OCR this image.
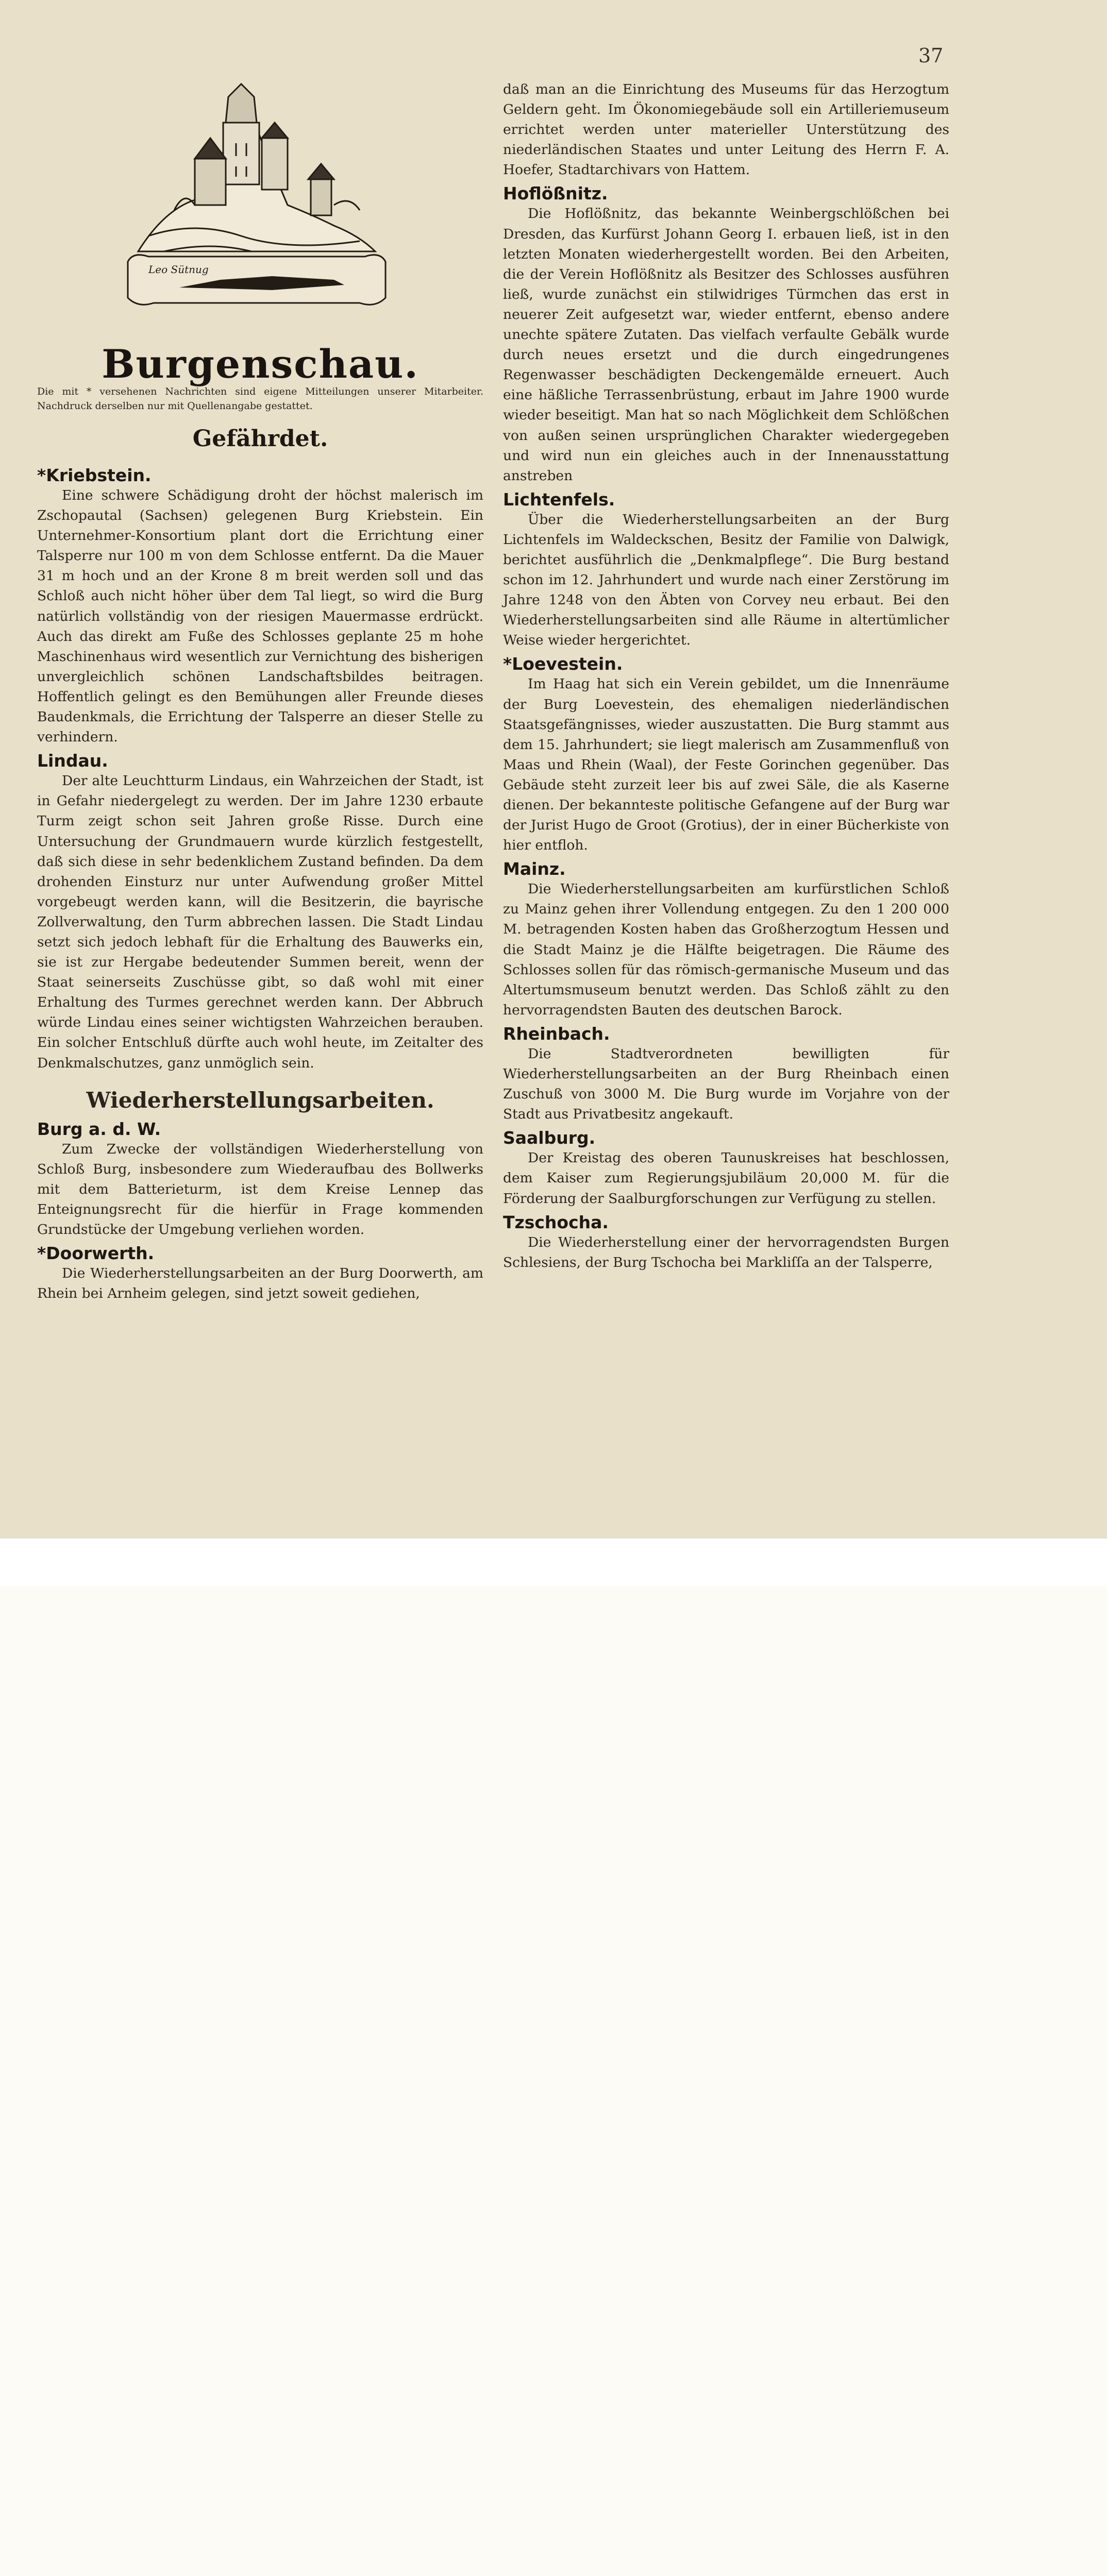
37
Leo Sütnug
Burgenschau.
Die mit * versehenen Nachrichten sind eigene Mitteilungen unserer Mitarbeiter. Nachdruck derselben nur mit Quellenangabe gestattet.
Gefährdet.
*Kriebstein.

Eine schwere Schädigung droht der höchst malerisch im Zschopautal (Sachsen) gelegenen Burg Kriebstein. Ein Unternehmer-Konsortium plant dort die Errichtung einer Talsperre nur 100 m von dem Schlosse entfernt. Da die Mauer 31 m hoch und an der Krone 8 m breit werden soll und das Schloß auch nicht höher über dem Tal liegt, so wird die Burg natürlich vollständig von der riesigen Mauermasse erdrückt. Auch das direkt am Fuße des Schlosses geplante 25 m hohe Maschinenhaus wird wesentlich zur Vernichtung des bisherigen unvergleichlich schönen Landschaftsbildes beitragen. Hoffentlich gelingt es den Bemühungen aller Freunde dieses Baudenkmals, die Errichtung der Talsperre an dieser Stelle zu verhindern.

Lindau.

Der alte Leuchtturm Lindaus, ein Wahrzeichen der Stadt, ist in Gefahr niedergelegt zu werden. Der im Jahre 1230 erbaute Turm zeigt schon seit Jahren große Risse. Durch eine Untersuchung der Grundmauern wurde kürzlich festgestellt, daß sich diese in sehr bedenklichem Zustand befinden. Da dem drohenden Einsturz nur unter Aufwendung großer Mittel vorgebeugt werden kann, will die Besitzerin, die bayrische Zollverwaltung, den Turm abbrechen lassen. Die Stadt Lindau setzt sich jedoch lebhaft für die Erhaltung des Bauwerks ein, sie ist zur Hergabe bedeutender Summen bereit, wenn der Staat seinerseits Zuschüsse gibt, so daß wohl mit einer Erhaltung des Turmes gerechnet werden kann. Der Abbruch würde Lindau eines seiner wichtigsten Wahrzeichen berauben. Ein solcher Entschluß dürfte auch wohl heute, im Zeitalter des Denkmalschutzes, ganz unmöglich sein.

Wiederherstellungsarbeiten.
Burg a. d. W.

Zum Zwecke der vollständigen Wiederherstellung von Schloß Burg, insbesondere zum Wiederaufbau des Bollwerks mit dem Batterieturm, ist dem Kreise Lennep das Enteignungsrecht für die hierfür in Frage kommenden Grundstücke der Umgebung verliehen worden.

*Doorwerth.

Die Wiederherstellungsarbeiten an der Burg Doorwerth, am Rhein bei Arnheim gelegen, sind jetzt soweit gediehen,

daß man an die Einrichtung des Museums für das Herzogtum Geldern geht. Im Ökonomiegebäude soll ein Artilleriemuseum errichtet werden unter materieller Unterstützung des niederländischen Staates und unter Leitung des Herrn F. A. Hoefer, Stadtarchivars von Hattem.

Hoflößnitz.

Die Hoflößnitz, das bekannte Weinbergschlößchen bei Dresden, das Kurfürst Johann Georg I. erbauen ließ, ist in den letzten Monaten wiederhergestellt worden. Bei den Arbeiten, die der Verein Hoflößnitz als Besitzer des Schlosses ausführen ließ, wurde zunächst ein stilwidriges Türmchen das erst in neuerer Zeit aufgesetzt war, wieder entfernt, ebenso andere unechte spätere Zutaten. Das vielfach verfaulte Gebälk wurde durch neues ersetzt und die durch eingedrungenes Regenwasser beschädigten Deckengemälde erneuert. Auch eine häßliche Terrassenbrüstung, erbaut im Jahre 1900 wurde wieder beseitigt. Man hat so nach Möglichkeit dem Schlößchen von außen seinen ursprünglichen Charakter wiedergegeben und wird nun ein gleiches auch in der Innenausstattung anstreben

Lichtenfels.

Über die Wiederherstellungsarbeiten an der Burg Lichtenfels im Waldeckschen, Besitz der Familie von Dalwigk, berichtet ausführlich die „Denkmalpflege“. Die Burg bestand schon im 12. Jahrhundert und wurde nach einer Zerstörung im Jahre 1248 von den Äbten von Corvey neu erbaut. Bei den Wiederherstellungsarbeiten sind alle Räume in altertümlicher Weise wieder hergerichtet.

*Loevestein.

Im Haag hat sich ein Verein gebildet, um die Innenräume der Burg Loevestein, des ehemaligen niederländischen Staatsgefängnisses, wieder auszustatten. Die Burg stammt aus dem 15. Jahrhundert; sie liegt malerisch am Zusammenfluß von Maas und Rhein (Waal), der Feste Gorinchen gegenüber. Das Gebäude steht zurzeit leer bis auf zwei Säle, die als Kaserne dienen. Der bekannteste politische Gefangene auf der Burg war der Jurist Hugo de Groot (Grotius), der in einer Bücherkiste von hier entfloh.

Mainz.

Die Wiederherstellungsarbeiten am kurfürstlichen Schloß zu Mainz gehen ihrer Vollendung entgegen. Zu den 1 200 000 M. betragenden Kosten haben das Großherzogtum Hessen und die Stadt Mainz je die Hälfte beigetragen. Die Räume des Schlosses sollen für das römisch-germanische Museum und das Altertumsmuseum benutzt werden. Das Schloß zählt zu den hervorragendsten Bauten des deutschen Barock.

Rheinbach.

Die Stadtverordneten bewilligten für Wiederherstellungsarbeiten an der Burg Rheinbach einen Zuschuß von 3000 M. Die Burg wurde im Vorjahre von der Stadt aus Privatbesitz angekauft.

Saalburg.

Der Kreistag des oberen Taunuskreises hat beschlossen, dem Kaiser zum Regierungsjubiläum 20,000 M. für die Förderung der Saalburgforschungen zur Verfügung zu stellen.

Tzschocha.

Die Wiederherstellung einer der hervorragendsten Burgen Schlesiens, der Burg Tschocha bei Markliſſa an der Talsperre,
